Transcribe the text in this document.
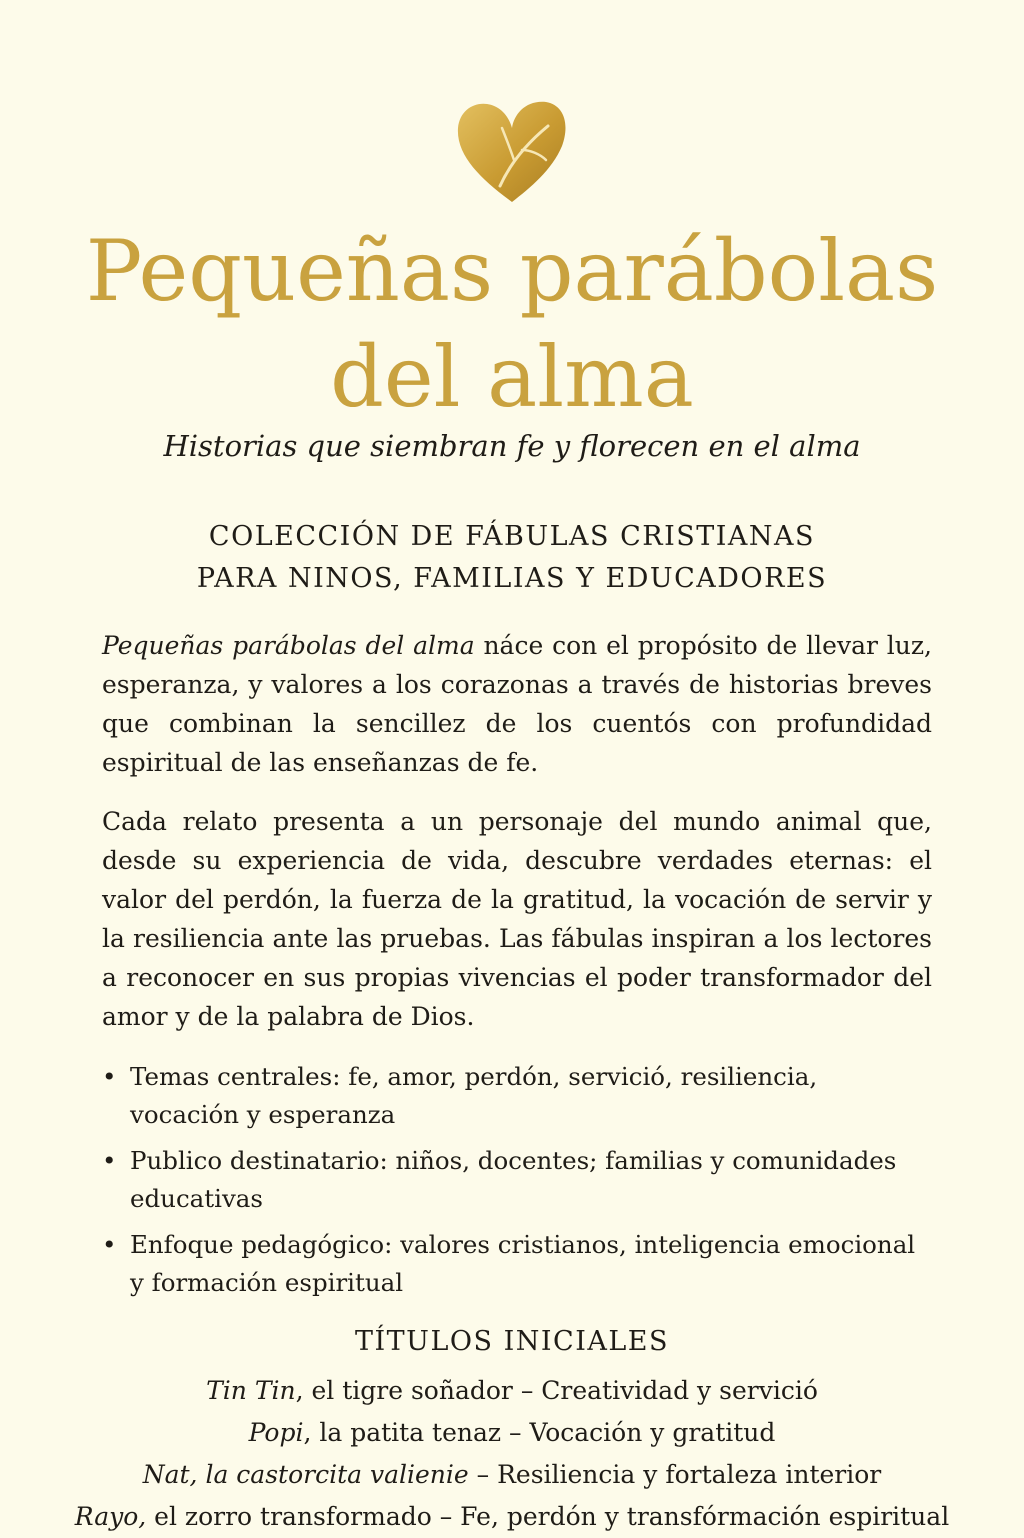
Pequeñas parábolas
del alma
Historias que siembran fe y florecen en el alma
COLECCIÓN DE FÁBULAS CRISTIANAS
PARA NINOS, FAMILIAS Y EDUCADORES

Pequeñas parábolas del alma náce con el propósito de llevar luz, esperanza, y valores a los corazonas a través de historias breves que combinan la sencillez de los cuentós con profundidad espiritual de las enseñanzas de fe.

Cada relato presenta a un personaje del mundo animal que, desde su experiencia de vida, descubre verdades eternas: el valor del perdón, la fuerza de la gratitud, la vocación de servir y la resiliencia ante las pruebas. Las fábulas inspiran a los lectores a reconocer en sus propias vivencias el poder transformador del amor y de la palabra de Dios.

• Temas centrales: fe, amor, perdón, servició, resiliencia, vocación y esperanza
• Publico destinatario: niños, docentes; familias y comunidades educativas
• Enfoque pedagógico: valores cristianos, inteligencia emocional y formación espiritual
TÍTULOS INICIALES
Tin Tin, el tigre soñador – Creatividad y servició
Popi, la patita tenaz – Vocación y gratitud
Nat, la castorcita valienie – Resiliencia y fortaleza interior
Rayo, el zorro transformado – Fe, perdón y transfórmación espiritual
